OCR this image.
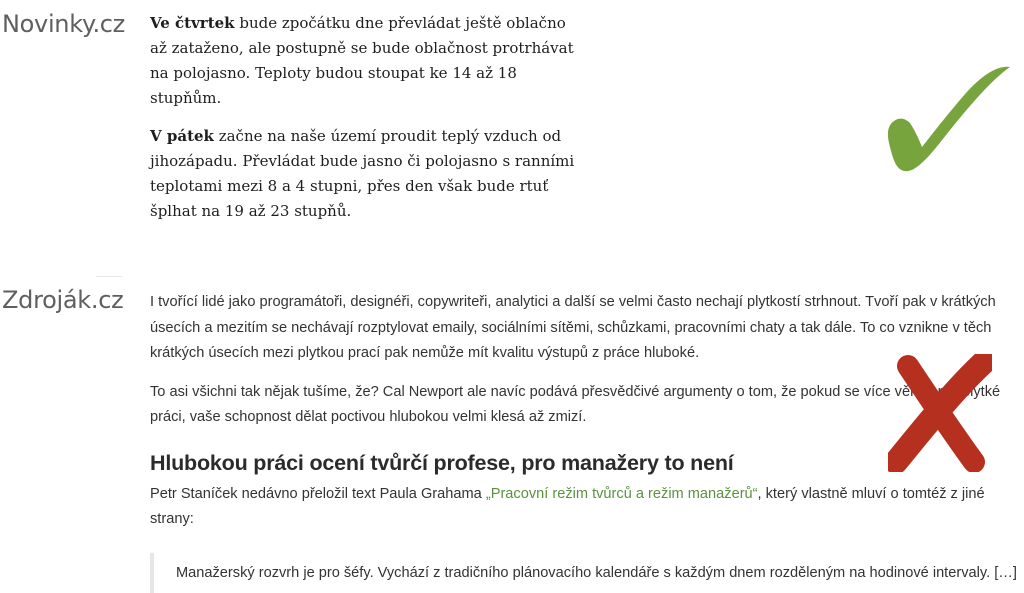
Novinky.cz Ve čtvrtek bude zpočátku dne převládat ještě oblačno až zataženo, ale postupně se bude oblačnost protrhávat na polojasno. Teploty budou stoupat ke 14 až 18 stupňům.

V pátek začne na naše území proudit teplý vzduch od jihozápadu. Převládat bude jasno či polojasno s ranními teplotami mezi 8 a 4 stupni, přes den však bude rtuť šplhat na 19 až 23 stupňů.

Zdroják.cz I tvořící lidé jako programátoři, designéři, copywriteři, analytici a další se velmi často nechají plytkostí strhnout. Tvoří pak v krátkých úsecích a mezitím se nechávají rozptylovat emaily, sociálními sítěmi, schůzkami, pracovními chaty a tak dále. To co vznikne v těch krátkých úsecích mezi plytkou prací pak nemůže mít kvalitu výstupů z práce hluboké.

To asi všichni tak nějak tušíme, že? Cal Newport ale navíc podává přesvědčivé argumenty o tom, že pokud se více věnujeme plytké práci, vaše schopnost dělat poctivou hlubokou velmi klesá až zmizí.

Hlubokou práci ocení tvůrčí profese, pro manažery to není

Petr Staníček nedávno přeložil text Paula Grahama „Pracovní režim tvůrců a režim manažerů“, který vlastně mluví o tomtéž z jiné strany:

Manažerský rozvrh je pro šéfy. Vychází z tradičního plánovacího kalendáře s každým dnem rozděleným na hodinové intervaly. […]
